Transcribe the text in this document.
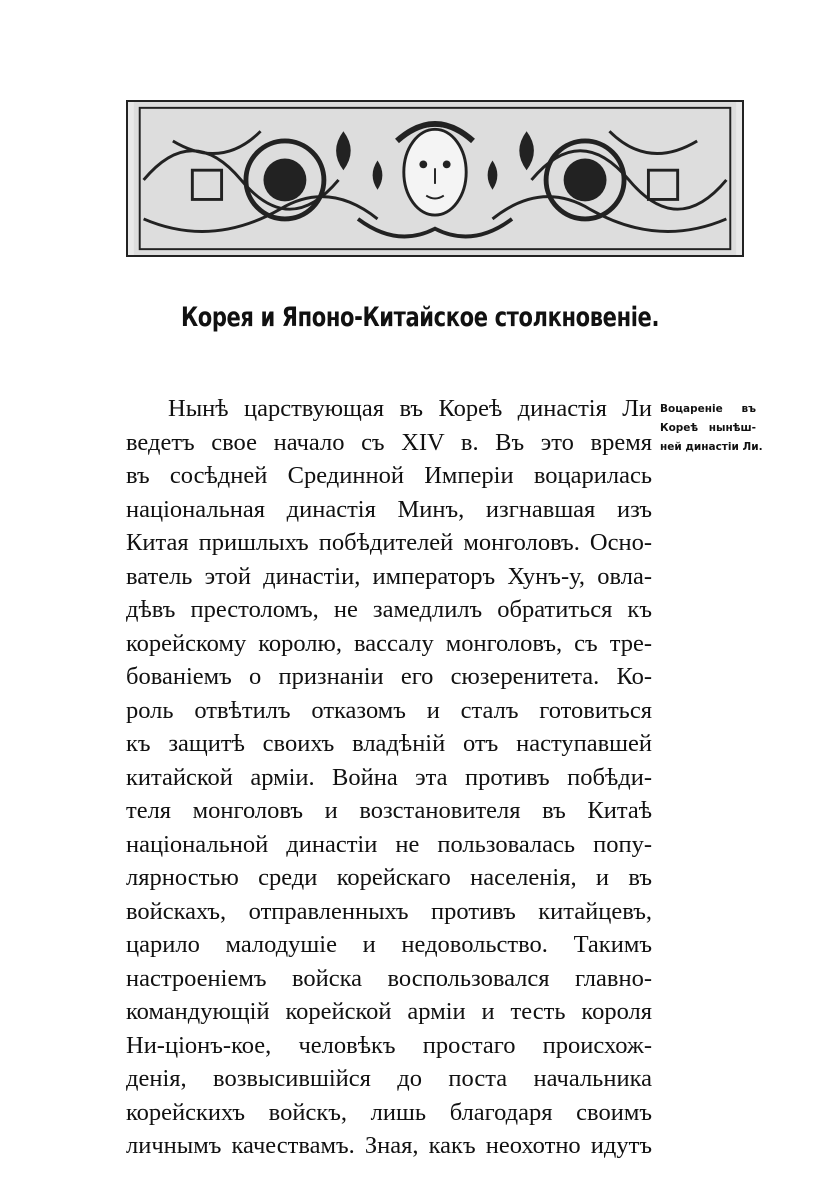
Корея и Японо-Китайское столкновеніе.
Воцареніе въ
Кореѣ нынѣш-
ней династіи Ли.
Нынѣ царствующая въ Кореѣ династія Ли
ведетъ свое начало съ XIV в. Въ это время
въ сосѣдней Срединной Имперіи воцарилась
національная династія Минъ, изгнавшая изъ
Китая пришлыхъ побѣдителей монголовъ. Осно-
ватель этой династіи, императоръ Хунъ-у, овла-
дѣвъ престоломъ, не замедлилъ обратиться къ
корейскому королю, вассалу монголовъ, съ тре-
бованіемъ о признаніи его сюзеренитета. Ко-
роль отвѣтилъ отказомъ и сталъ готовиться
къ защитѣ своихъ владѣній отъ наступавшей
китайской арміи. Война эта противъ побѣди-
теля монголовъ и возстановителя въ Китаѣ
національной династіи не пользовалась попу-
лярностью среди корейскаго населенія, и въ
войскахъ, отправленныхъ противъ китайцевъ,
царило малодушіе и недовольство. Такимъ
настроеніемъ войска воспользовался главно-
командующій корейской арміи и тесть короля
Ни-ціонъ-кое, человѣкъ простаго происхож-
денія, возвысившійся до поста начальника
корейскихъ войскъ, лишь благодаря своимъ
личнымъ качествамъ. Зная, какъ неохотно идутъ
